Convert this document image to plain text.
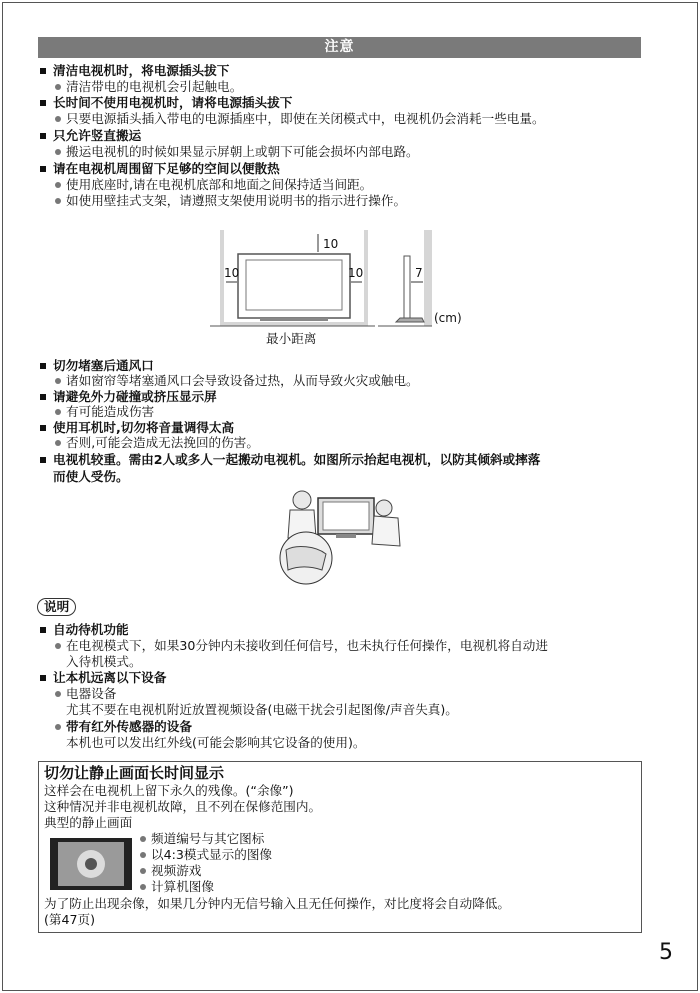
注意
清洁电视机时，将电源插头拔下
清洁带电的电视机会引起触电。
长时间不使用电视机时，请将电源插头拔下
只要电源插头插入带电的电源插座中，即使在关闭模式中，电视机仍会消耗一些电量。
只允许竖直搬运
搬运电视机的时候如果显示屏朝上或朝下可能会损坏内部电路。
请在电视机周围留下足够的空间以便散热
使用底座时,请在电视机底部和地面之间保持适当间距。
如使用壁挂式支架，请遵照支架使用说明书的指示进行操作。
10
10	10	7
(cm)
最小距离
切勿堵塞后通风口
诸如窗帘等堵塞通风口会导致设备过热，从而导致火灾或触电。
请避免外力碰撞或挤压显示屏
有可能造成伤害
使用耳机时,切勿将音量调得太高
否则,可能会造成无法挽回的伤害。
电视机较重。需由2人或多人一起搬动电视机。如图所示抬起电视机，以防其倾斜或摔落
而使人受伤。
说明
自动待机功能
在电视模式下，如果30分钟内未接收到任何信号，也未执行任何操作，电视机将自动进
入待机模式。
让本机远离以下设备
电器设备
尤其不要在电视机附近放置视频设备(电磁干扰会引起图像/声音失真)。
带有红外传感器的设备
本机也可以发出红外线(可能会影响其它设备的使用)。
切勿让静止画面长时间显示
这样会在电视机上留下永久的残像。(“余像”)
这种情况并非电视机故障，且不列在保修范围内。
典型的静止画面
频道编号与其它图标
以4:3模式显示的图像
视频游戏
计算机图像
为了防止出现余像，如果几分钟内无信号输入且无任何操作，对比度将会自动降低。
(第47页)
5
